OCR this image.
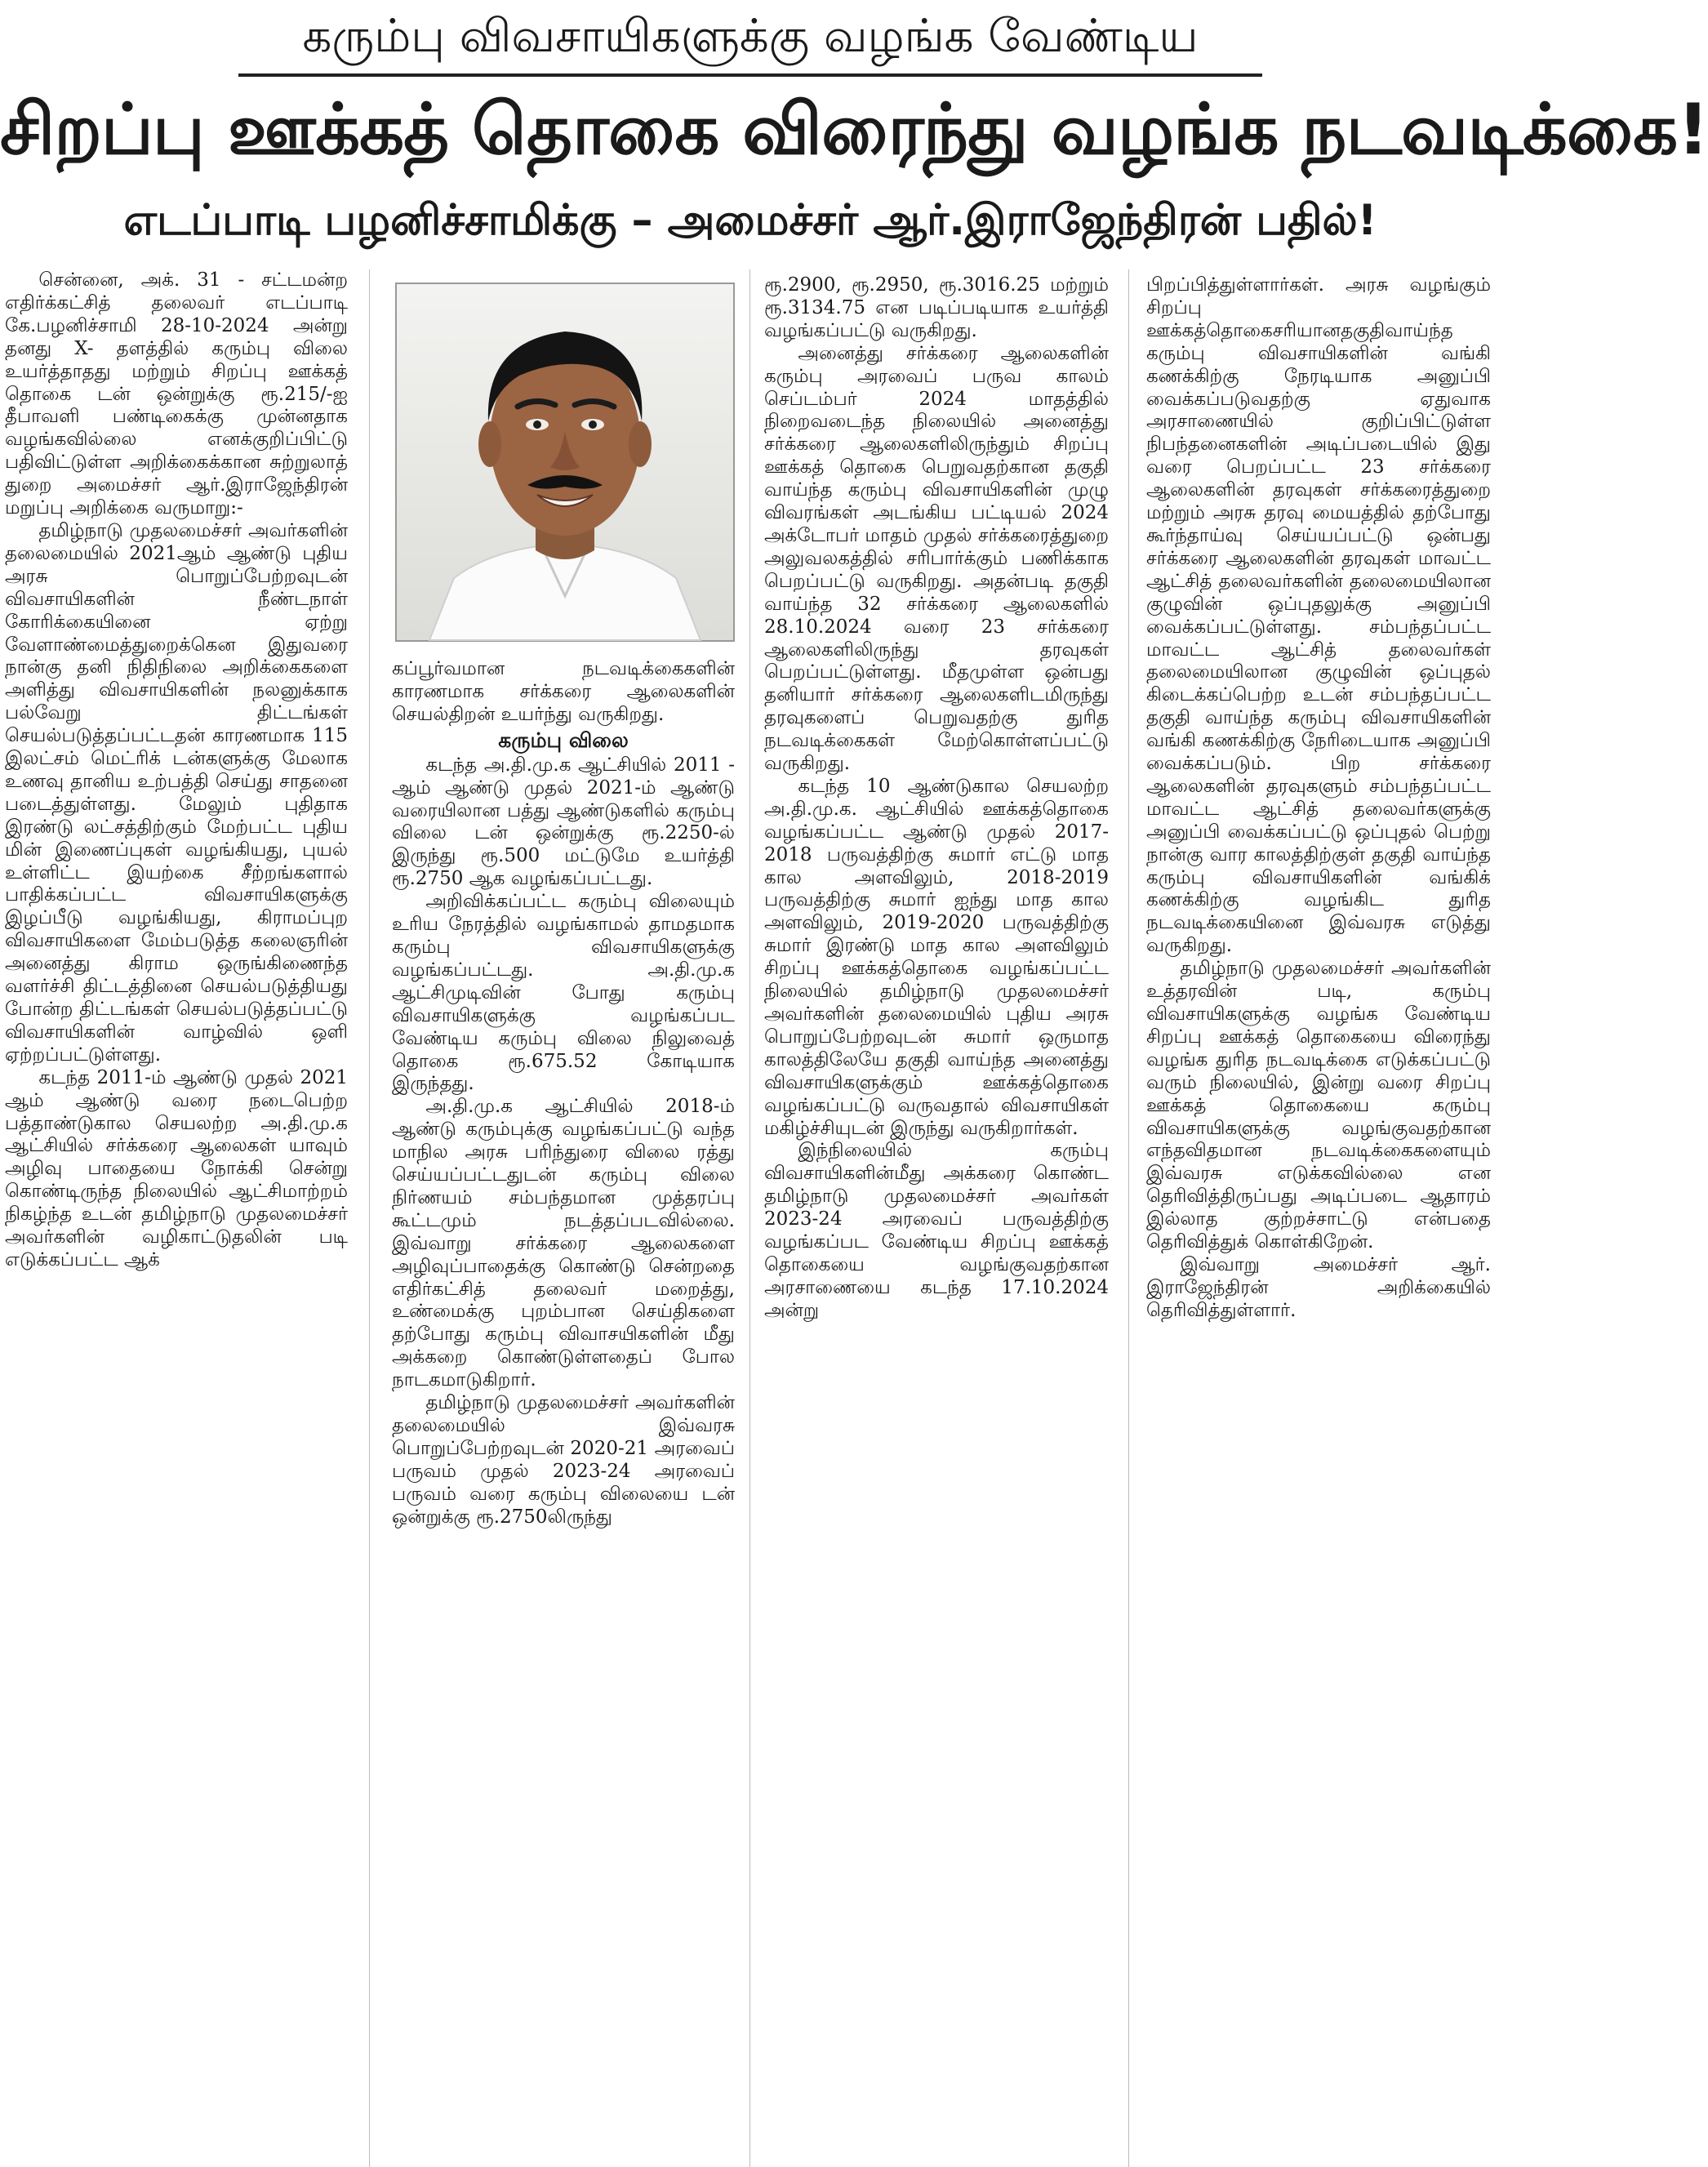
கரும்பு விவசாயிகளுக்கு வழங்க வேண்டிய
சிறப்பு ஊக்கத் தொகை விரைந்து வழங்க நடவடிக்கை!
எடப்பாடி பழனிச்சாமிக்கு – அமைச்சர் ஆர்.இராஜேந்திரன் பதில்!

சென்னை, அக். 31 - சட்டமன்ற எதிர்க்கட்சித் தலைவர் எடப்பாடி கே.பழனிச்சாமி 28-10-2024 அன்று தனது X- தளத்தில் கரும்பு விலை உயர்த்தாதது மற்றும் சிறப்பு ஊக்கத் தொகை டன் ஒன்றுக்கு ரூ.215/-ஐ தீபாவளி பண்டிகைக்கு முன்னதாக வழங்கவில்லை எனக்குறிப்பிட்டு பதிவிட்டுள்ள அறிக்கைக்கான சுற்றுலாத் துறை அமைச்சர் ஆர்.இராஜேந்திரன் மறுப்பு அறிக்கை வருமாறு:-

தமிழ்நாடு முதலமைச்சர் அவர்களின் தலைமையில் 2021ஆம் ஆண்டு புதிய அரசு பொறுப்பேற்றவுடன் விவசாயிகளின் நீண்டநாள் கோரிக்கையினை ஏற்று வேளாண்மைத்துறைக்கென இதுவரை நான்கு தனி நிதிநிலை அறிக்கைகளை அளித்து விவசாயிகளின் நலனுக்காக பல்வேறு திட்டங்கள் செயல்படுத்தப்பட்டதன் காரணமாக 115 இலட்சம் மெட்ரிக் டன்களுக்கு மேலாக உணவு தானிய உற்பத்தி செய்து சாதனை படைத்துள்ளது. மேலும் புதிதாக இரண்டு லட்சத்திற்கும் மேற்பட்ட புதிய மின் இணைப்புகள் வழங்கியது, புயல் உள்ளிட்ட இயற்கை சீற்றங்களால் பாதிக்கப்பட்ட விவசாயிகளுக்கு இழப்பீடு வழங்கியது, கிராமப்புற விவசாயிகளை மேம்படுத்த கலைஞரின் அனைத்து கிராம ஒருங்கிணைந்த வளர்ச்சி திட்டத்தினை செயல்படுத்தியது போன்ற திட்டங்கள் செயல்படுத்தப்பட்டு விவசாயிகளின் வாழ்வில் ஒளி ஏற்றப்பட்டுள்ளது.

கடந்த 2011-ம் ஆண்டு முதல் 2021 ஆம் ஆண்டு வரை நடைபெற்ற பத்தாண்டுகால செயலற்ற அ.தி.மு.க ஆட்சியில் சர்க்கரை ஆலைகள் யாவும் அழிவு பாதையை நோக்கி சென்று கொண்டிருந்த நிலையில் ஆட்சிமாற்றம் நிகழ்ந்த உடன் தமிழ்நாடு முதலமைச்சர் அவர்களின் வழிகாட்டுதலின் படி எடுக்கப்பட்ட ஆக்

கப்பூர்வமான நடவடிக்கைகளின் காரணமாக சர்க்கரை ஆலைகளின் செயல்திறன் உயர்ந்து வருகிறது.

கரும்பு விலை

கடந்த அ.தி.மு.க ஆட்சியில் 2011 - ஆம் ஆண்டு முதல் 2021-ம் ஆண்டு வரையிலான பத்து ஆண்டுகளில் கரும்பு விலை டன் ஒன்றுக்கு ரூ.2250-ல் இருந்து ரூ.500 மட்டுமே உயர்த்தி ரூ.2750 ஆக வழங்கப்பட்டது.

அறிவிக்கப்பட்ட கரும்பு விலையும் உரிய நேரத்தில் வழங்காமல் தாமதமாக கரும்பு விவசாயிகளுக்கு வழங்கப்பட்டது. அ.தி.மு.க ஆட்சிமுடிவின் போது கரும்பு விவசாயிகளுக்கு வழங்கப்பட வேண்டிய கரும்பு விலை நிலுவைத் தொகை ரூ.675.52 கோடியாக இருந்தது.

அ.தி.மு.க ஆட்சியில் 2018-ம் ஆண்டு கரும்புக்கு வழங்கப்பட்டு வந்த மாநில அரசு பரிந்துரை விலை ரத்து செய்யப்பட்டதுடன் கரும்பு விலை நிர்ணயம் சம்பந்தமான முத்தரப்பு கூட்டமும் நடத்தப்படவில்லை. இவ்வாறு சர்க்கரை ஆலைகளை அழிவுப்பாதைக்கு கொண்டு சென்றதை எதிர்கட்சித் தலைவர் மறைத்து, உண்மைக்கு புறம்பான செய்திகளை தற்போது கரும்பு விவாசயிகளின் மீது அக்கறை கொண்டுள்ளதைப் போல நாடகமாடுகிறார்.

தமிழ்நாடு முதலமைச்சர் அவர்களின் தலைமையில் இவ்வரசு பொறுப்பேற்றவுடன் 2020-21 அரவைப் பருவம் முதல் 2023-24 அரவைப் பருவம் வரை கரும்பு விலையை டன் ஒன்றுக்கு ரூ.2750லிருந்து

ரூ.2900, ரூ.2950, ரூ.3016.25 மற்றும் ரூ.3134.75 என படிப்படியாக உயர்த்தி வழங்கப்பட்டு வருகிறது.

அனைத்து சர்க்கரை ஆலைகளின் கரும்பு அரவைப் பருவ காலம் செப்டம்பர் 2024 மாதத்தில் நிறைவடைந்த நிலையில் அனைத்து சர்க்கரை ஆலைகளிலிருந்தும் சிறப்பு ஊக்கத் தொகை பெறுவதற்கான தகுதி வாய்ந்த கரும்பு விவசாயிகளின் முழு விவரங்கள் அடங்கிய பட்டியல் 2024 அக்டோபர் மாதம் முதல் சர்க்கரைத்துறை அலுவலகத்தில் சரிபார்க்கும் பணிக்காக பெறப்பட்டு வருகிறது. அதன்படி தகுதி வாய்ந்த 32 சர்க்கரை ஆலைகளில் 28.10.2024 வரை 23 சர்க்கரை ஆலைகளிலிருந்து தரவுகள் பெறப்பட்டுள்ளது. மீதமுள்ள ஒன்பது தனியார் சர்க்கரை ஆலைகளிடமிருந்து தரவுகளைப் பெறுவதற்கு துரித நடவடிக்கைகள் மேற்கொள்ளப்பட்டு வருகிறது.

கடந்த 10 ஆண்டுகால செயலற்ற அ.தி.மு.க. ஆட்சியில் ஊக்கத்தொகை வழங்கப்பட்ட ஆண்டு முதல் 2017-2018 பருவத்திற்கு சுமார் எட்டு மாத கால அளவிலும், 2018-2019 பருவத்திற்கு சுமார் ஐந்து மாத கால அளவிலும், 2019-2020 பருவத்திற்கு சுமார் இரண்டு மாத கால அளவிலும் சிறப்பு ஊக்கத்தொகை வழங்கப்பட்ட நிலையில் தமிழ்நாடு முதலமைச்சர் அவர்களின் தலைமையில் புதிய அரசு பொறுப்பேற்றவுடன் சுமார் ஒருமாத காலத்திலேயே தகுதி வாய்ந்த அனைத்து விவசாயிகளுக்கும் ஊக்கத்தொகை வழங்கப்பட்டு வருவதால் விவசாயிகள் மகிழ்ச்சியுடன் இருந்து வருகிறார்கள்.

இந்நிலையில் கரும்பு விவசாயிகளின்மீது அக்கரை கொண்ட தமிழ்நாடு முதலமைச்சர் அவர்கள் 2023-24 அரவைப் பருவத்திற்கு வழங்கப்பட வேண்டிய சிறப்பு ஊக்கத் தொகையை வழங்குவதற்கான அரசாணையை கடந்த 17.10.2024 அன்று

பிறப்பித்துள்ளார்கள். அரசு வழங்கும் சிறப்பு ஊக்கத்தொகைசரியானதகுதிவாய்ந்த கரும்பு விவசாயிகளின் வங்கி கணக்கிற்கு நேரடியாக அனுப்பி வைக்கப்படுவதற்கு ஏதுவாக அரசாணையில் குறிப்பிட்டுள்ள நிபந்தனைகளின் அடிப்படையில் இது வரை பெறப்பட்ட 23 சர்க்கரை ஆலைகளின் தரவுகள் சர்க்கரைத்துறை மற்றும் அரசு தரவு மையத்தில் தற்போது கூர்ந்தாய்வு செய்யப்பட்டு ஒன்பது சர்க்கரை ஆலைகளின் தரவுகள் மாவட்ட ஆட்சித் தலைவர்களின் தலைமையிலான குழுவின் ஒப்புதலுக்கு அனுப்பி வைக்கப்பட்டுள்ளது. சம்பந்தப்பட்ட மாவட்ட ஆட்சித் தலைவர்கள் தலைமையிலான குழுவின் ஒப்புதல் கிடைக்கப்பெற்ற உடன் சம்பந்தப்பட்ட தகுதி வாய்ந்த கரும்பு விவசாயிகளின் வங்கி கணக்கிற்கு நேரிடையாக அனுப்பி வைக்கப்படும். பிற சர்க்கரை ஆலைகளின் தரவுகளும் சம்பந்தப்பட்ட மாவட்ட ஆட்சித் தலைவர்களுக்கு அனுப்பி வைக்கப்பட்டு ஒப்புதல் பெற்று நான்கு வார காலத்திற்குள் தகுதி வாய்ந்த கரும்பு விவசாயிகளின் வங்கிக் கணக்கிற்கு வழங்கிட துரித நடவடிக்கையினை இவ்வரசு எடுத்து வருகிறது.

தமிழ்நாடு முதலமைச்சர் அவர்களின் உத்தரவின் படி, கரும்பு விவசாயிகளுக்கு வழங்க வேண்டிய சிறப்பு ஊக்கத் தொகையை விரைந்து வழங்க துரித நடவடிக்கை எடுக்கப்பட்டு வரும் நிலையில், இன்று வரை சிறப்பு ஊக்கத் தொகையை கரும்பு விவசாயிகளுக்கு வழங்குவதற்கான எந்தவிதமான நடவடிக்கைகளையும் இவ்வரசு எடுக்கவில்லை என தெரிவித்திருப்பது அடிப்படை ஆதாரம் இல்லாத குற்றச்சாட்டு என்பதை தெரிவித்துக் கொள்கிறேன்.

இவ்வாறு அமைச்சர் ஆர். இராஜேந்திரன் அறிக்கையில் தெரிவித்துள்ளார்.
